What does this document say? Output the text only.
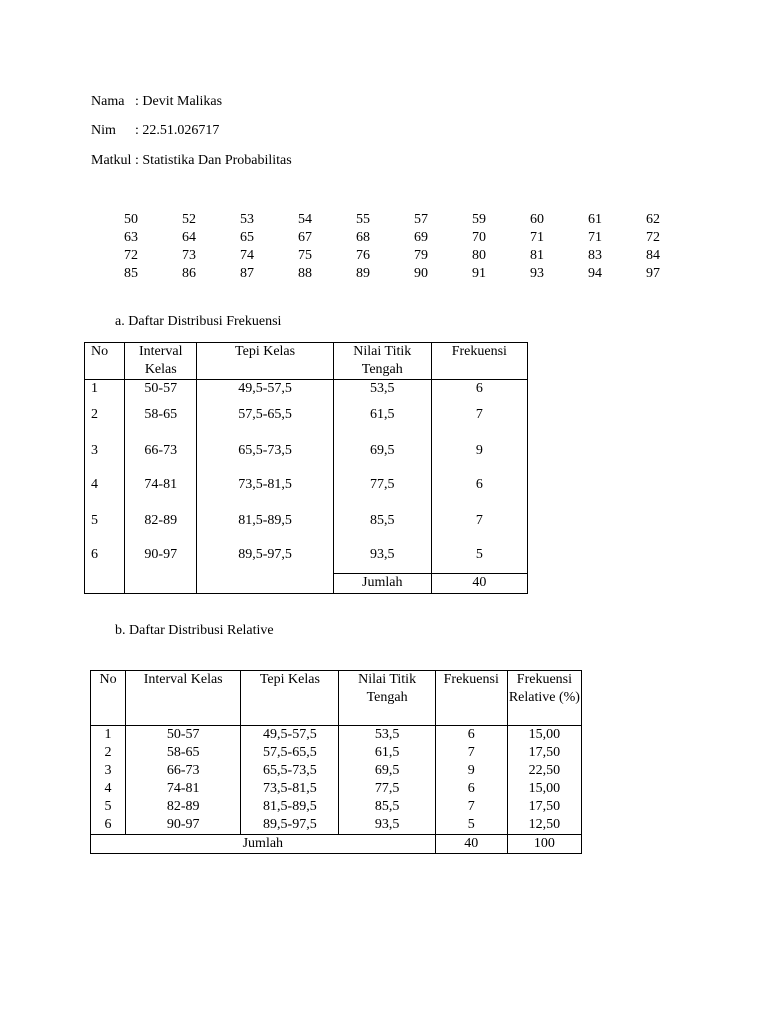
Nama : Devit Malikas
Nim : 22.51.026717
Matkul : Statistika Dan Probabilitas
50	52	53	54	55	57	59	60	61	62
63	64	65	67	68	69	70	71	71	72
72	73	74	75	76	79	80	81	83	84
85	86	87	88	89	90	91	93	94	97
a. Daftar Distribusi Frekuensi
No	Interval Kelas	Tepi Kelas	Nilai Titik Tengah	Frekuensi
1	50-57	49,5-57,5	53,5	6
2	58-65	57,5-65,5	61,5	7
3	66-73	65,5-73,5	69,5	9
4	74-81	73,5-81,5	77,5	6
5	82-89	81,5-89,5	85,5	7
6	90-97	89,5-97,5	93,5	5
			Jumlah	40
b. Daftar Distribusi Relative
No	Interval Kelas	Tepi Kelas	Nilai Titik Tengah	Frekuensi	Frekuensi Relative (%)
1	50-57	49,5-57,5	53,5	6	15,00
2	58-65	57,5-65,5	61,5	7	17,50
3	66-73	65,5-73,5	69,5	9	22,50
4	74-81	73,5-81,5	77,5	6	15,00
5	82-89	81,5-89,5	85,5	7	17,50
6	90-97	89,5-97,5	93,5	5	12,50
Jumlah				40	100
